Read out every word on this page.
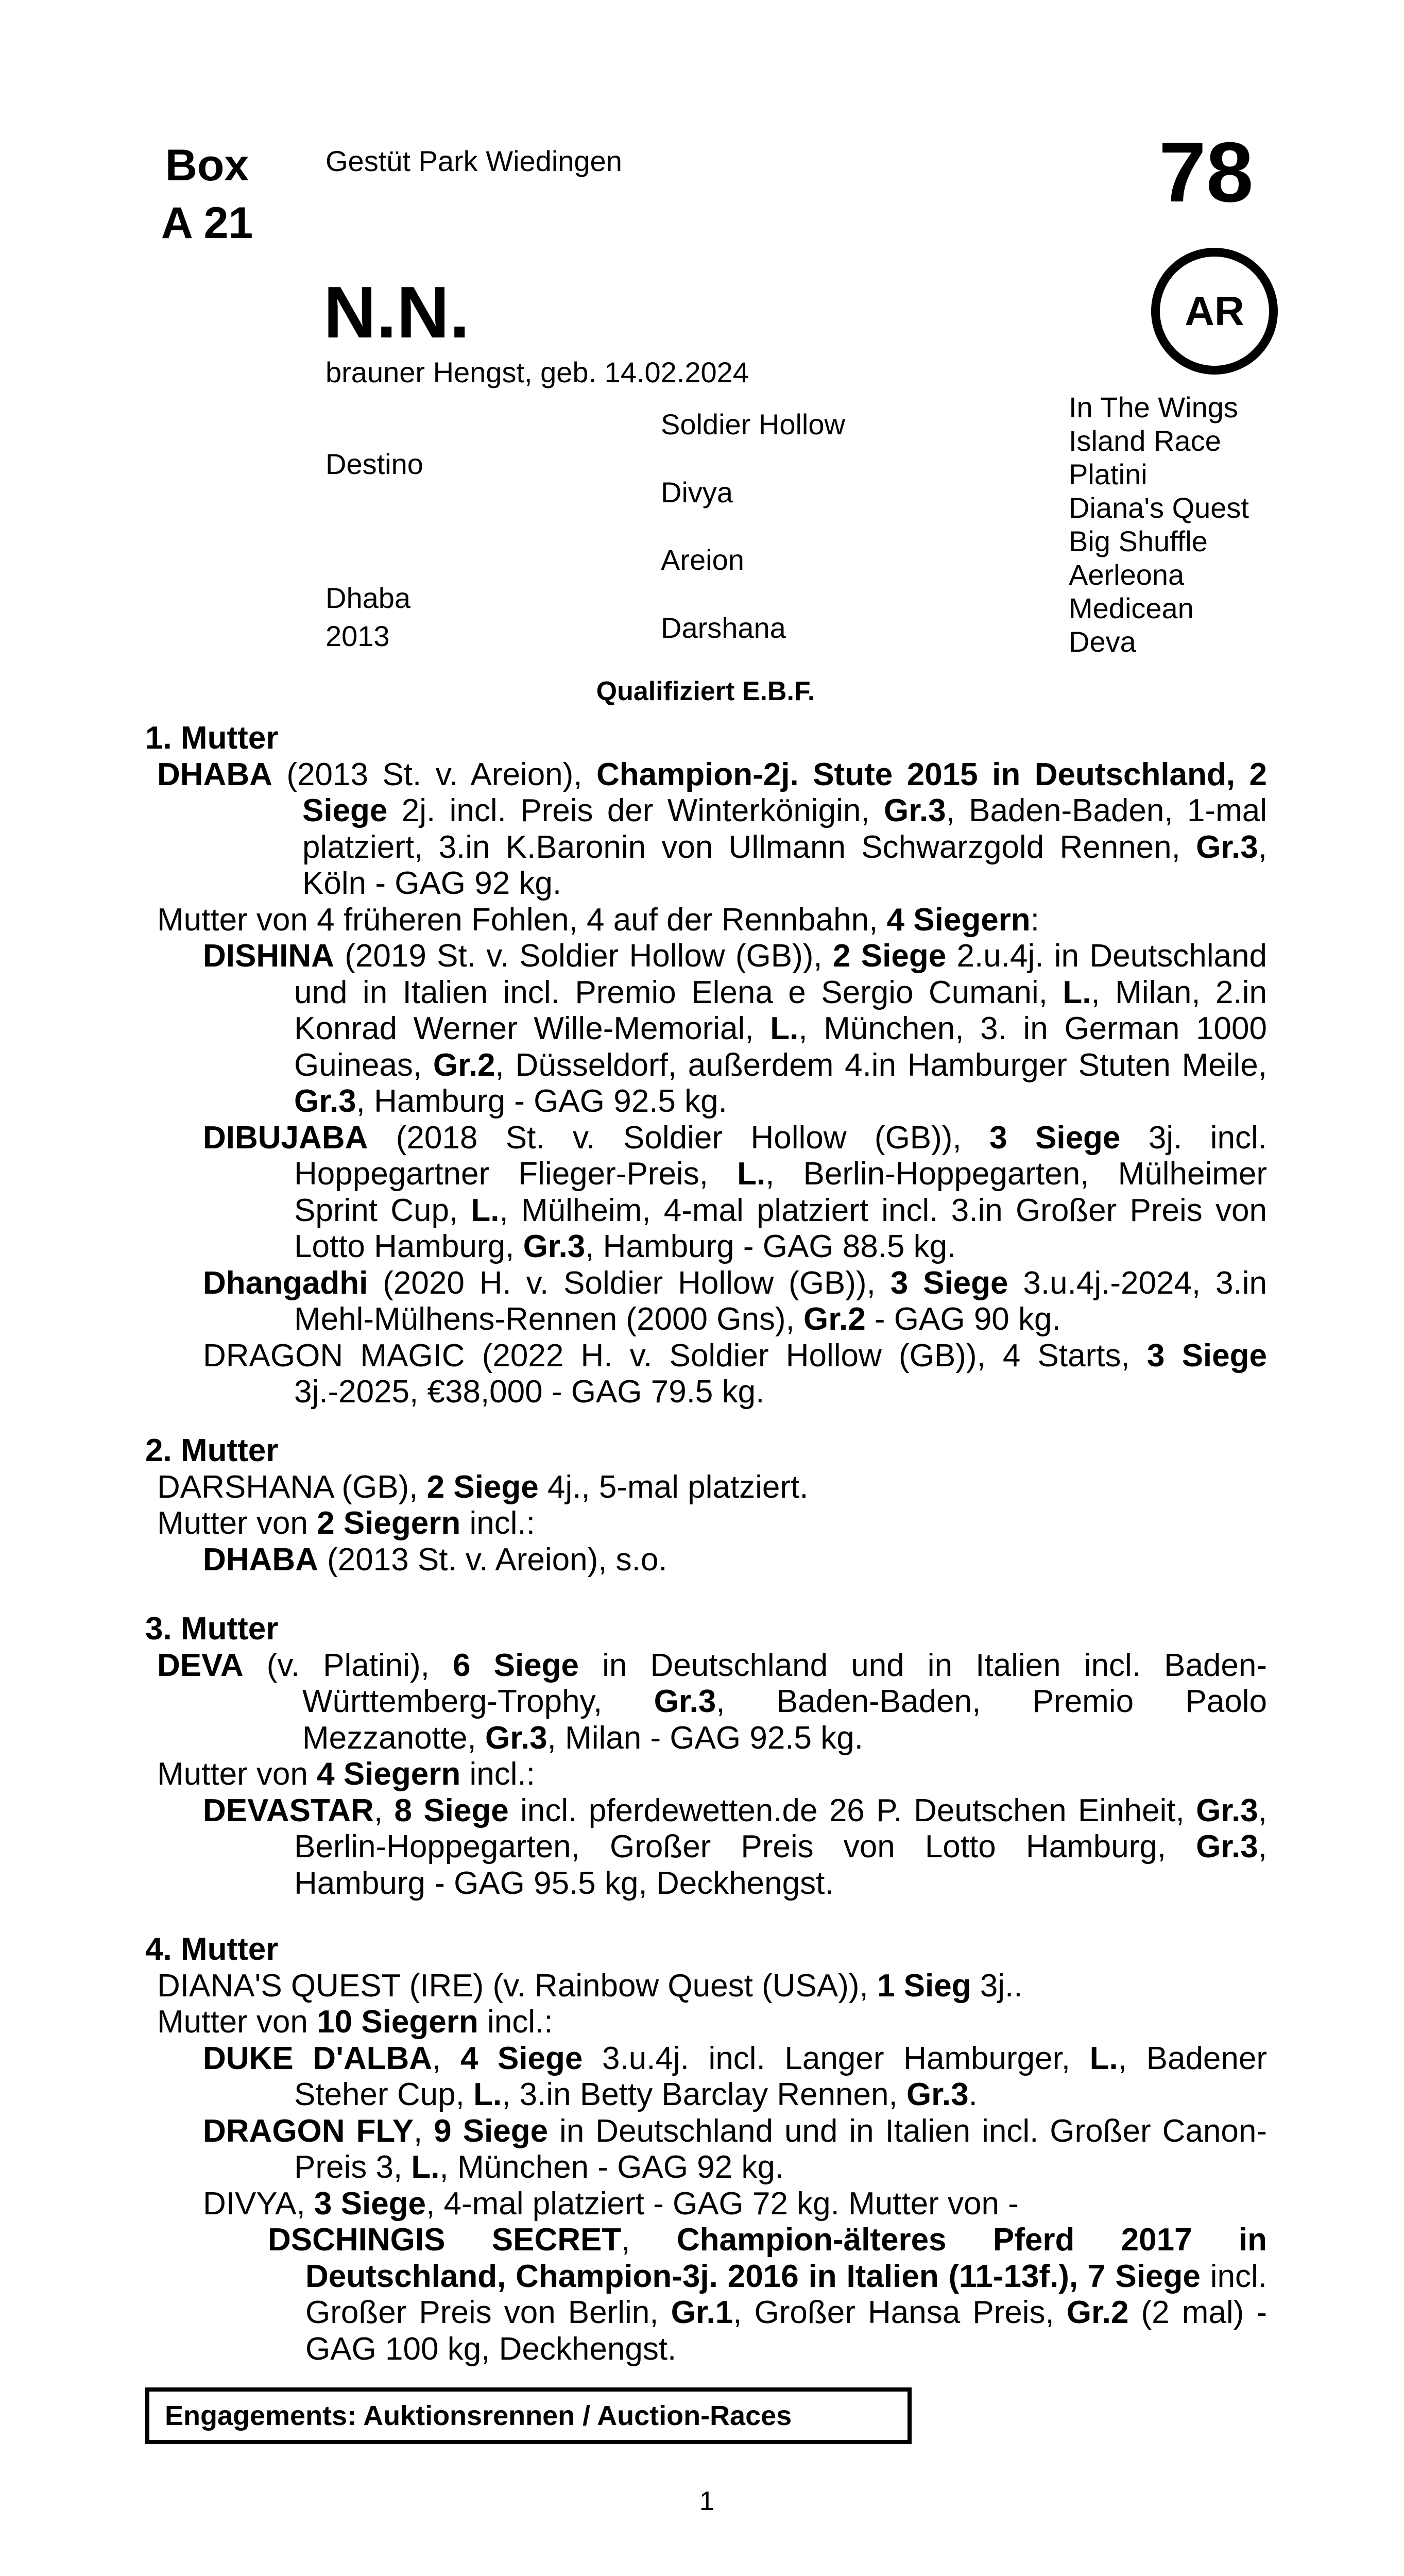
Box
A 21
Gestüt Park Wiedingen	78
N.N.	AR
brauner Hengst, geb. 14.02.2024
Destino
Dhaba
2013
Soldier Hollow
Divya
Areion
Darshana
In The Wings
Island Race
Platini
Diana's Quest
Big Shuffle
Aerleona
Medicean
Deva
Qualifiziert E.B.F.
1. Mutter
DHABA (2013 St. v. Areion), Champion-2j. Stute 2015 in Deutschland, 2 Siege 2j. incl. Preis der Winterkönigin, Gr.3, Baden-Baden, 1-mal platziert, 3.in K.Baronin von Ullmann Schwarzgold Rennen, Gr.3, Köln - GAG 92 kg.
Mutter von 4 früheren Fohlen, 4 auf der Rennbahn, 4 Siegern:
DISHINA (2019 St. v. Soldier Hollow (GB)), 2 Siege 2.u.4j. in Deutschland und in Italien incl. Premio Elena e Sergio Cumani, L., Milan, 2.in Konrad Werner Wille-Memorial, L., München, 3. in German 1000 Guineas, Gr.2, Düsseldorf, außerdem 4.in Hamburger Stuten Meile, Gr.3, Hamburg - GAG 92.5 kg.
DIBUJABA (2018 St. v. Soldier Hollow (GB)), 3 Siege 3j. incl. Hoppegartner Flieger-Preis, L., Berlin-Hoppegarten, Mülheimer Sprint Cup, L., Mülheim, 4-mal platziert incl. 3.in Großer Preis von Lotto Hamburg, Gr.3, Hamburg - GAG 88.5 kg.
Dhangadhi (2020 H. v. Soldier Hollow (GB)), 3 Siege 3.u.4j.-2024, 3.in Mehl-Mülhens-Rennen (2000 Gns), Gr.2 - GAG 90 kg.
DRAGON MAGIC (2022 H. v. Soldier Hollow (GB)), 4 Starts, 3 Siege 3j.-2025, €38,000 - GAG 79.5 kg.
2. Mutter
DARSHANA (GB), 2 Siege 4j., 5-mal platziert.
Mutter von 2 Siegern incl.:
DHABA (2013 St. v. Areion), s.o.
3. Mutter
DEVA (v. Platini), 6 Siege in Deutschland und in Italien incl. Baden-Württemberg-Trophy, Gr.3, Baden-Baden, Premio Paolo Mezzanotte, Gr.3, Milan - GAG 92.5 kg.
Mutter von 4 Siegern incl.:
DEVASTAR, 8 Siege incl. pferdewetten.de 26 P. Deutschen Einheit, Gr.3, Berlin-Hoppegarten, Großer Preis von Lotto Hamburg, Gr.3, Hamburg - GAG 95.5 kg, Deckhengst.
4. Mutter
DIANA'S QUEST (IRE) (v. Rainbow Quest (USA)), 1 Sieg 3j..
Mutter von 10 Siegern incl.:
DUKE D'ALBA, 4 Siege 3.u.4j. incl. Langer Hamburger, L., Badener Steher Cup, L., 3.in Betty Barclay Rennen, Gr.3.
DRAGON FLY, 9 Siege in Deutschland und in Italien incl. Großer Canon-Preis 3, L., München - GAG 92 kg.
DIVYA, 3 Siege, 4-mal platziert - GAG 72 kg. Mutter von -
DSCHINGIS SECRET, Champion-älteres Pferd 2017 in Deutschland, Champion-3j. 2016 in Italien (11-13f.), 7 Siege incl. Großer Preis von Berlin, Gr.1, Großer Hansa Preis, Gr.2 (2 mal) - GAG 100 kg, Deckhengst.
Engagements: Auktionsrennen / Auction-Races
1
